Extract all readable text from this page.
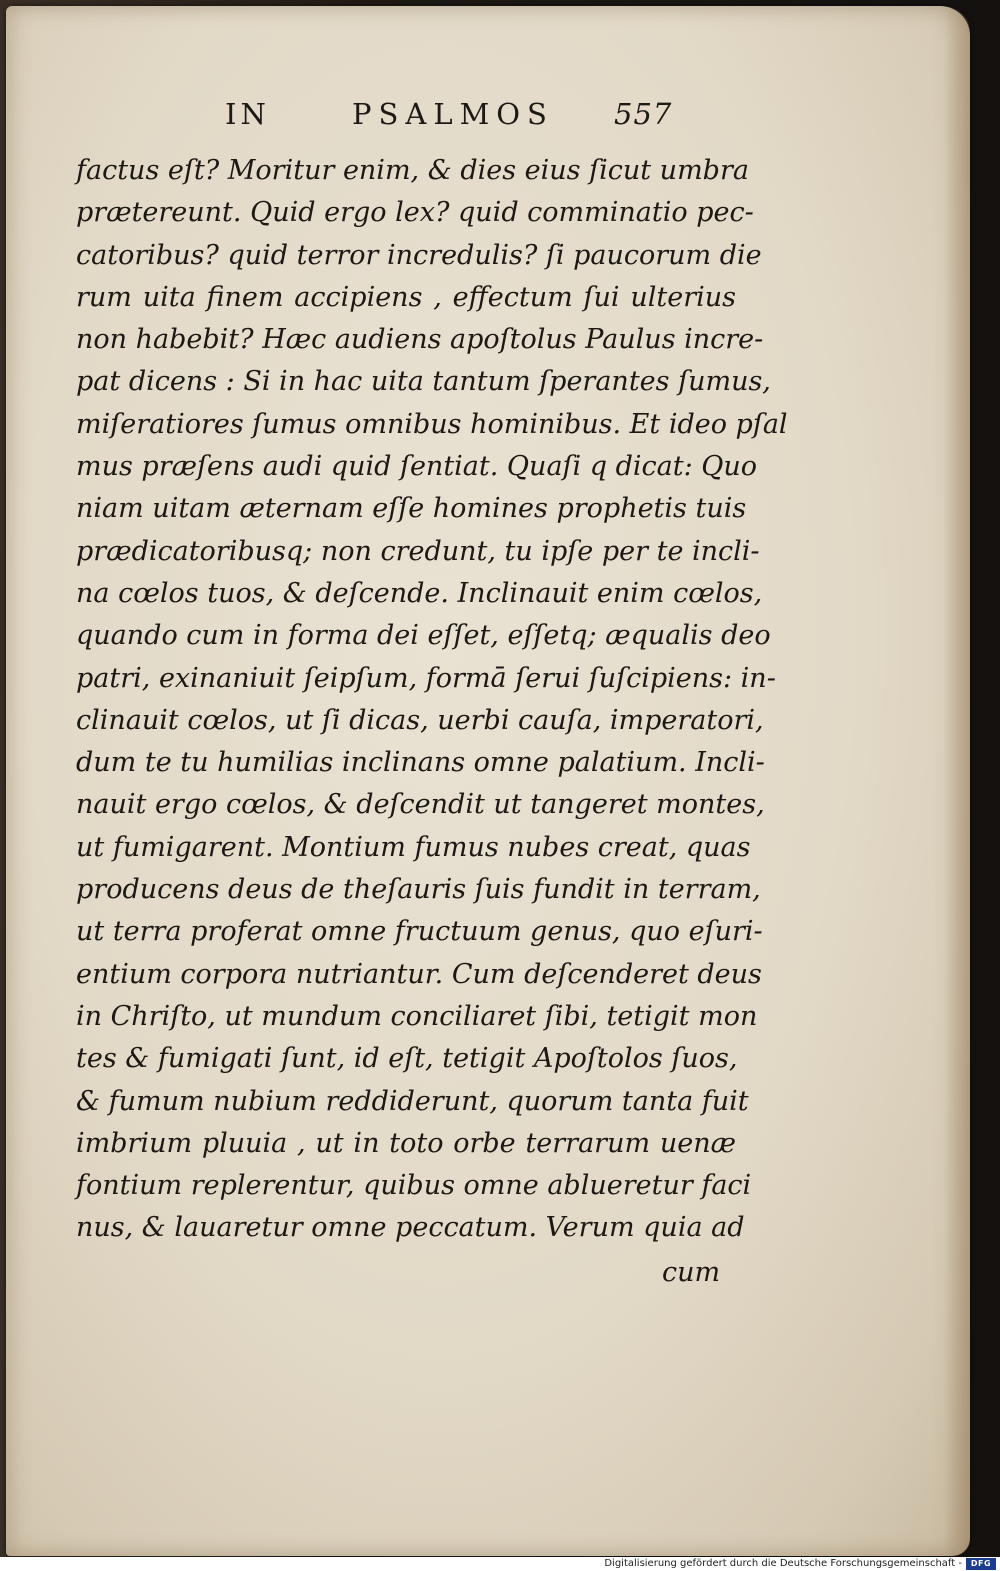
IN	PSALMOS 557
factus eſt? Moritur enim, & dies eius ſicut umbra
prætereunt. Quid ergo lex? quid comminatio pec-
catoribus? quid terror incredulis? ſi paucorum die
rum uita finem accipiens , effectum ſui ulterius
non habebit? Hæc audiens apoſtolus Paulus incre-
pat dicens : Si in hac uita tantum ſperantes ſumus,
miſeratiores ſumus omnibus hominibus. Et ideo pſal
mus præſens audi quid ſentiat. Quaſi q dicat: Quo
niam uitam æternam eſſe homines prophetis tuis
prædicatoribusq; non credunt, tu ipſe per te incli-
na cœlos tuos, & deſcende. Inclinauit enim cœlos,
quando cum in forma dei eſſet, eſſetq; æqualis deo
patri, exinaniuit ſeipſum, formā ſerui ſuſcipiens: in-
clinauit cœlos, ut ſi dicas, uerbi cauſa, imperatori,
dum te tu humilias inclinans omne palatium. Incli-
nauit ergo cœlos, & deſcendit ut tangeret montes,
ut fumigarent. Montium fumus nubes creat, quas
producens deus de theſauris ſuis fundit in terram,
ut terra proferat omne fructuum genus, quo eſuri-
entium corpora nutriantur. Cum deſcenderet deus
in Chriſto, ut mundum conciliaret ſibi, tetigit mon
tes & fumigati ſunt, id eſt, tetigit Apoſtolos ſuos,
& fumum nubium reddiderunt, quorum tanta fuit
imbrium pluuia , ut in toto orbe terrarum uenæ
fontium replerentur, quibus omne ablueretur faci
nus, & lauaretur omne peccatum. Verum quia ad
cum
Digitalisierung gefördert durch die Deutsche Forschungsgemeinschaft -	DFG
